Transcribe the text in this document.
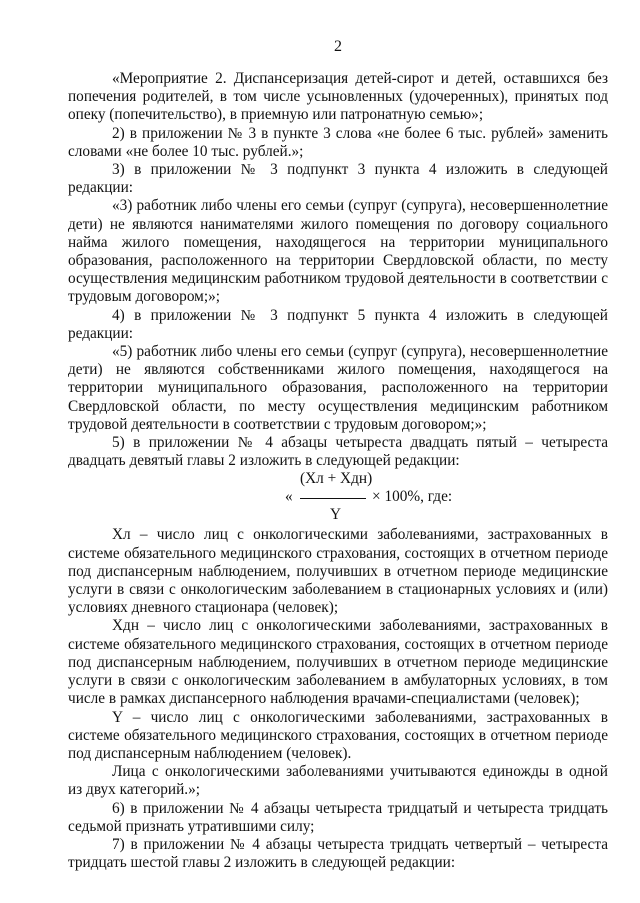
2

«Мероприятие 2. Диспансеризация детей-сирот и детей, оставшихся без попечения родителей, в том числе усыновленных (удочеренных), принятых под опеку (попечительство), в приемную или патронатную семью»;

2) в приложении № 3 в пункте 3 слова «не более 6 тыс. рублей» заменить словами «не более 10 тыс. рублей.»;

3) в приложении № 3 подпункт 3 пункта 4 изложить в следующей редакции:

«3) работник либо члены его семьи (супруг (супруга), несовершеннолетние дети) не являются нанимателями жилого помещения по договору социального найма жилого помещения, находящегося на территории муниципального образования, расположенного на территории Свердловской области, по месту осуществления медицинским работником трудовой деятельности в соответствии с трудовым договором;»;

4) в приложении № 3 подпункт 5 пункта 4 изложить в следующей редакции:

«5) работник либо члены его семьи (супруг (супруга), несовершеннолетние дети) не являются собственниками жилого помещения, находящегося на территории муниципального образования, расположенного на территории Свердловской области, по месту осуществления медицинским работником трудовой деятельности в соответствии с трудовым договором;»;

5) в приложении № 4 абзацы четыреста двадцать пятый – четыреста двадцать девятый главы 2 изложить в следующей редакции:

(Хл + Хдн)
«	× 100%, где:
Y

Хл – число лиц с онкологическими заболеваниями, застрахованных в системе обязательного медицинского страхования, состоящих в отчетном периоде под диспансерным наблюдением, получивших в отчетном периоде медицинские услуги в связи с онкологическим заболеванием в стационарных условиях и (или) условиях дневного стационара (человек);

Хдн – число лиц с онкологическими заболеваниями, застрахованных в системе обязательного медицинского страхования, состоящих в отчетном периоде под диспансерным наблюдением, получивших в отчетном периоде медицинские услуги в связи с онкологическим заболеванием в амбулаторных условиях, в том числе в рамках диспансерного наблюдения врачами-специалистами (человек);

Y – число лиц с онкологическими заболеваниями, застрахованных в системе обязательного медицинского страхования, состоящих в отчетном периоде под диспансерным наблюдением (человек).

Лица с онкологическими заболеваниями учитываются единожды в одной из двух категорий.»;

6) в приложении № 4 абзацы четыреста тридцатый и четыреста тридцать седьмой признать утратившими силу;

7) в приложении № 4 абзацы четыреста тридцать четвертый – четыреста тридцать шестой главы 2 изложить в следующей редакции:
